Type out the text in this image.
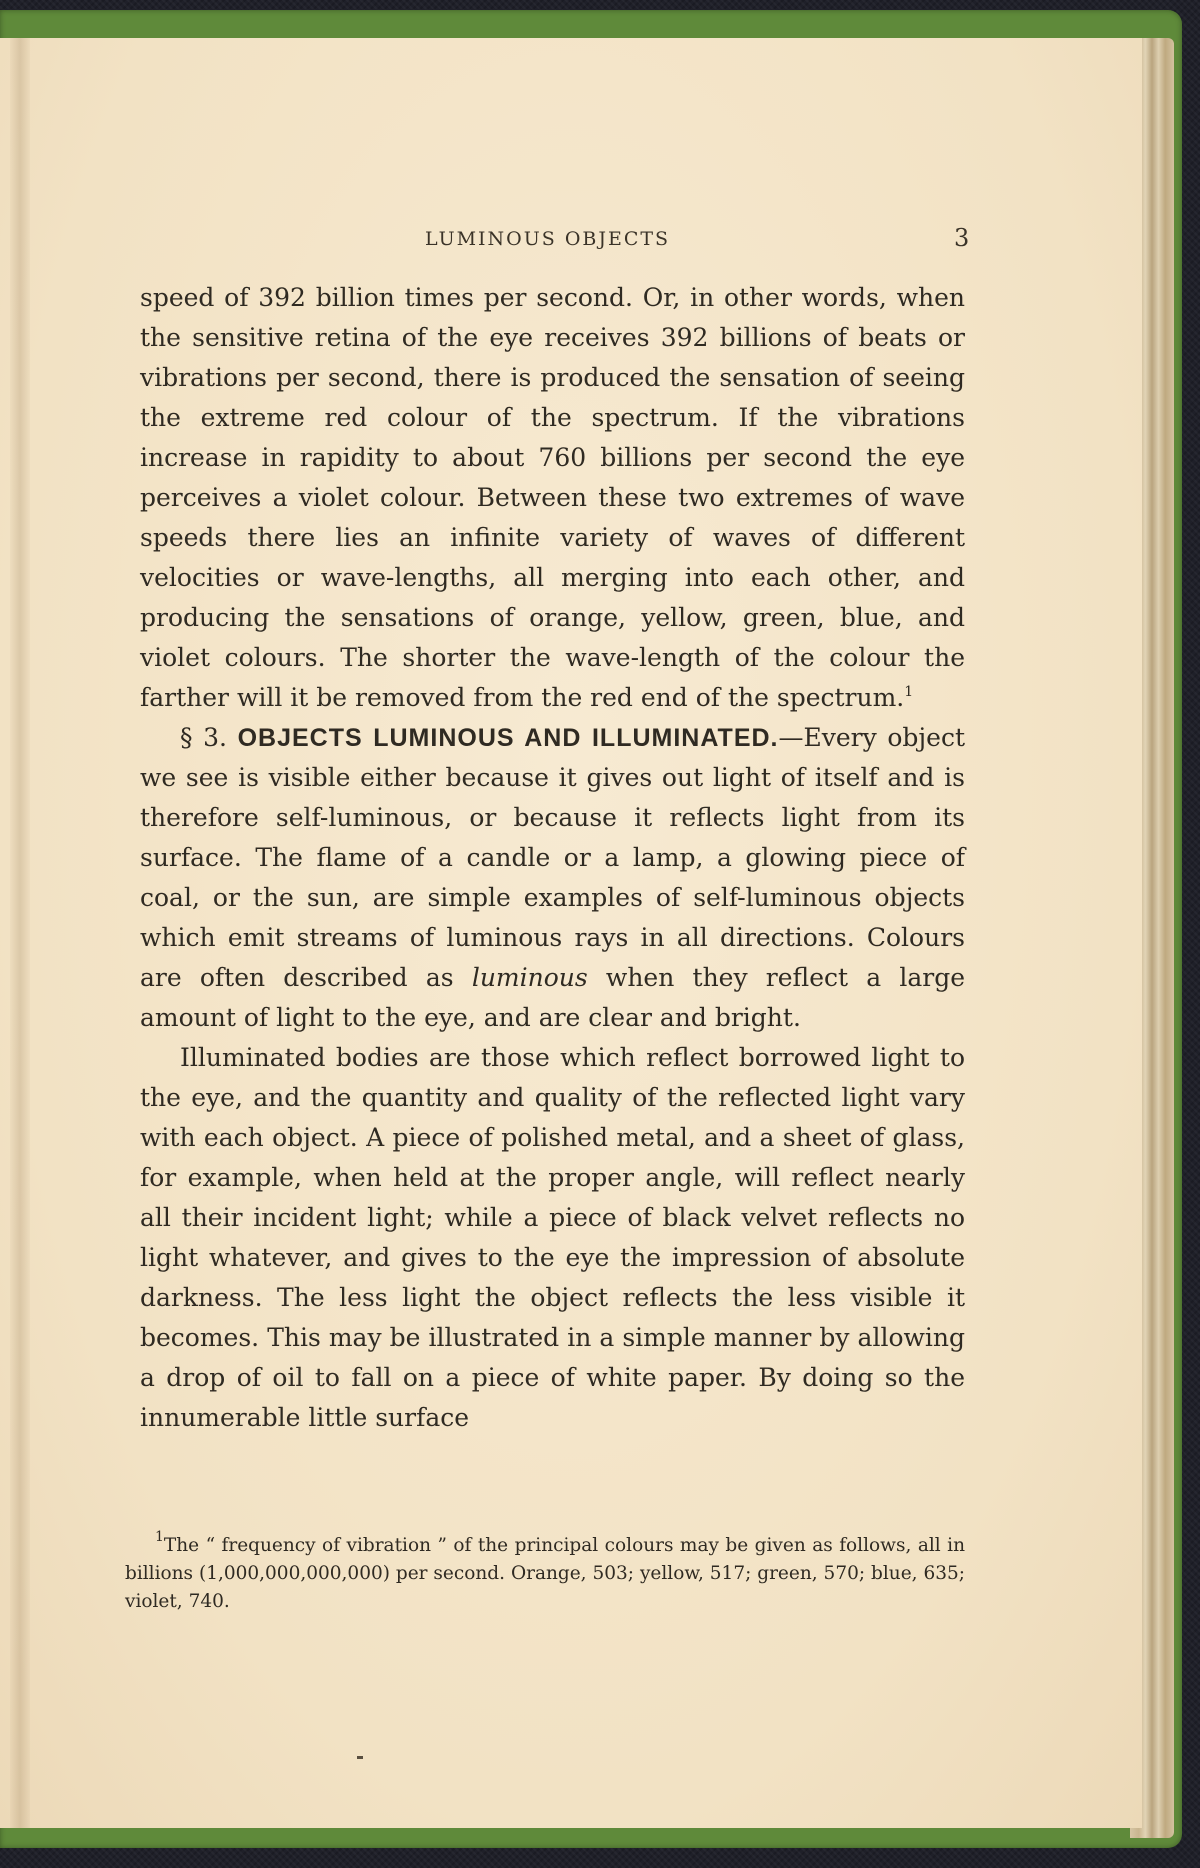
LUMINOUS OBJECTS	3

speed of 392 billion times per second. Or, in other words, when the sensitive retina of the eye receives 392 billions of beats or vibrations per second, there is produced the sensation of seeing the extreme red colour of the spectrum. If the vibrations increase in rapidity to about 760 billions per second the eye perceives a violet colour. Between these two extremes of wave speeds there lies an infinite variety of waves of different velocities or wave-lengths, all merging into each other, and producing the sensations of orange, yellow, green, blue, and violet colours. The shorter the wave-length of the colour the farther will it be removed from the red end of the spectrum.$^1$

§ 3. OBJECTS LUMINOUS AND ILLUMINATED.—Every object we see is visible either because it gives out light of itself and is therefore self-luminous, or because it reflects light from its surface. The flame of a candle or a lamp, a glowing piece of coal, or the sun, are simple examples of self-luminous objects which emit streams of luminous rays in all directions. Colours are often described as luminous when they reflect a large amount of light to the eye, and are clear and bright.

Illuminated bodies are those which reflect borrowed light to the eye, and the quantity and quality of the reflected light vary with each object. A piece of polished metal, and a sheet of glass, for example, when held at the proper angle, will reflect nearly all their incident light; while a piece of black velvet reflects no light whatever, and gives to the eye the impression of absolute darkness. The less light the object reflects the less visible it becomes. This may be illustrated in a simple manner by allowing a drop of oil to fall on a piece of white paper. By doing so the innumerable little surface

$^1$The “ frequency of vibration ” of the principal colours may be given as follows, all in billions (1,000,000,000,000) per second. Orange, 503; yellow, 517; green, 570; blue, 635; violet, 740.
